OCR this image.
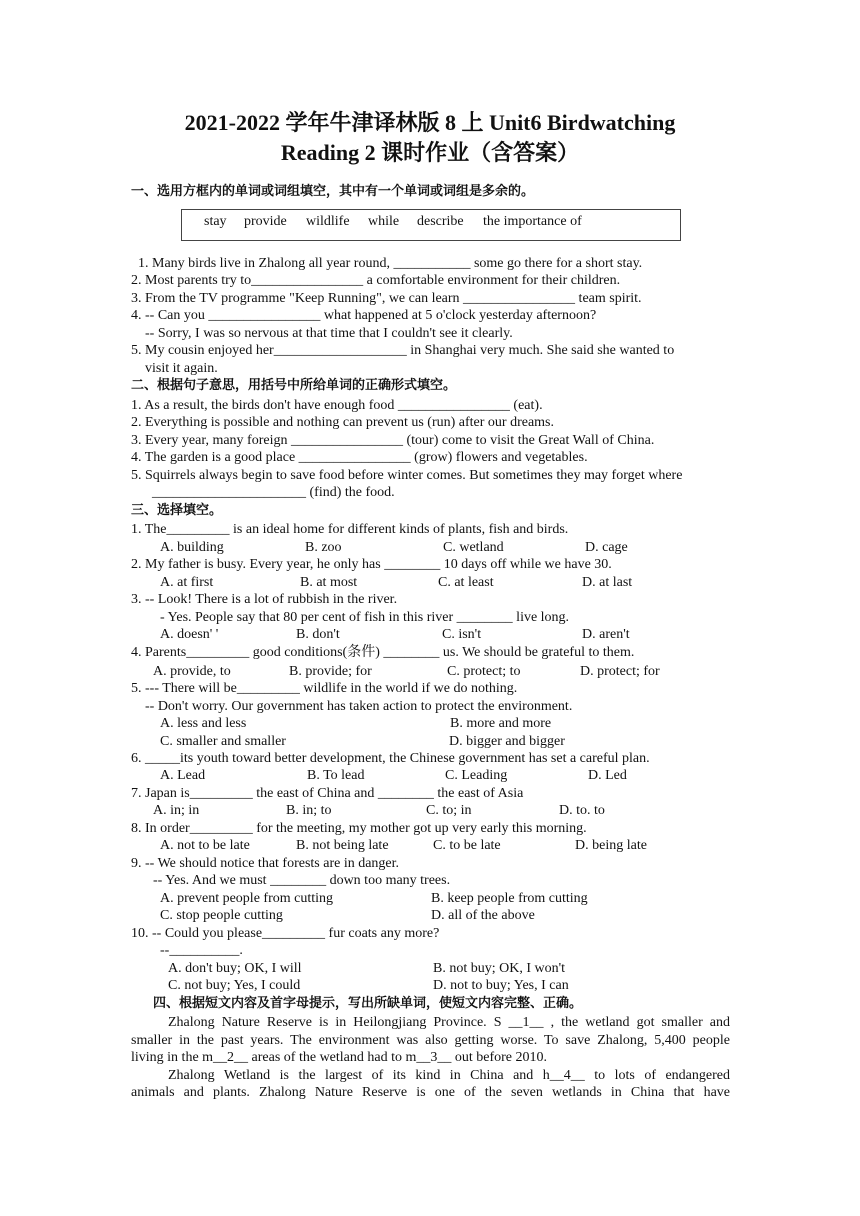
2021-2022 学年牛津译林版 8 上 Unit6 Birdwatching
Reading 2 课时作业（含答案）
一、选用方框内的单词或词组填空，其中有一个单词或词组是多余的。
stay provide wildlife while describe the importance of
1. Many birds live in Zhalong all year round, ___________ some go there for a short stay.
2. Most parents try to________________ a comfortable environment for their children.
3. From the TV programme "Keep Running", we can learn ________________ team spirit.
4. -- Can you ________________ what happened at 5 o'clock yesterday afternoon?
-- Sorry, I was so nervous at that time that I couldn't see it clearly.
5. My cousin enjoyed her___________________ in Shanghai very much. She said she wanted to
visit it again.
二、根据句子意思，用括号中所给单词的正确形式填空。
1. As a result, the birds don't have enough food ________________ (eat).
2. Everything is possible and nothing can prevent us (run) after our dreams.
3. Every year, many foreign ________________ (tour) come to visit the Great Wall of China.
4. The garden is a good place ________________ (grow) flowers and vegetables.
5. Squirrels always begin to save food before winter comes. But sometimes they may forget where
______________________ (find) the food.
三、选择填空。
1. The_________ is an ideal home for different kinds of plants, fish and birds.
A. building	B. zoo	C. wetland	D. cage
2. My father is busy. Every year, he only has ________ 10 days off while we have 30.
A. at first	B. at most	C. at least	D. at last
3. -- Look! There is a lot of rubbish in the river.
- Yes. People say that 80 per cent of fish in this river ________ live long.
A. doesn' '	B. don't	C. isn't	D. aren't
4. Parents_________ good conditions(条件) ________ us. We should be grateful to them.
A. provide, to	B. provide; for	C. protect; to	D. protect; for
5. --- There will be_________ wildlife in the world if we do nothing.
-- Don't worry. Our government has taken action to protect the environment.
A. less and less	B. more and more
C. smaller and smaller	D. bigger and bigger
6. _____its youth toward better development, the Chinese government has set a careful plan.
A. Lead	B. To lead	C. Leading	D. Led
7. Japan is_________ the east of China and ________ the east of Asia
A. in; in	B. in; to	C. to; in	D. to. to
8. In order_________ for the meeting, my mother got up very early this morning.
A. not to be late	B. not being late	C. to be late	D. being late
9. -- We should notice that forests are in danger.
-- Yes. And we must ________ down too many trees.
A. prevent people from cutting	B. keep people from cutting
C. stop people cutting	D. all of the above
10. -- Could you please_________ fur coats any more?
--__________.
A. don't buy; OK, I will	B. not buy; OK, I won't
C. not buy; Yes, I could	D. not to buy; Yes, I can
四、根据短文内容及首字母提示，写出所缺单词，使短文内容完整、正确。
Zhalong Nature Reserve is in Heilongjiang Province. S __1__ , the wetland got smaller and
smaller in the past years. The environment was also getting worse. To save Zhalong, 5,400 people
living in the m__2__ areas of the wetland had to m__3__ out before 2010.
Zhalong Wetland is the largest of its kind in China and h__4__ to lots of endangered
animals and plants. Zhalong Nature Reserve is one of the seven wetlands in China that have
